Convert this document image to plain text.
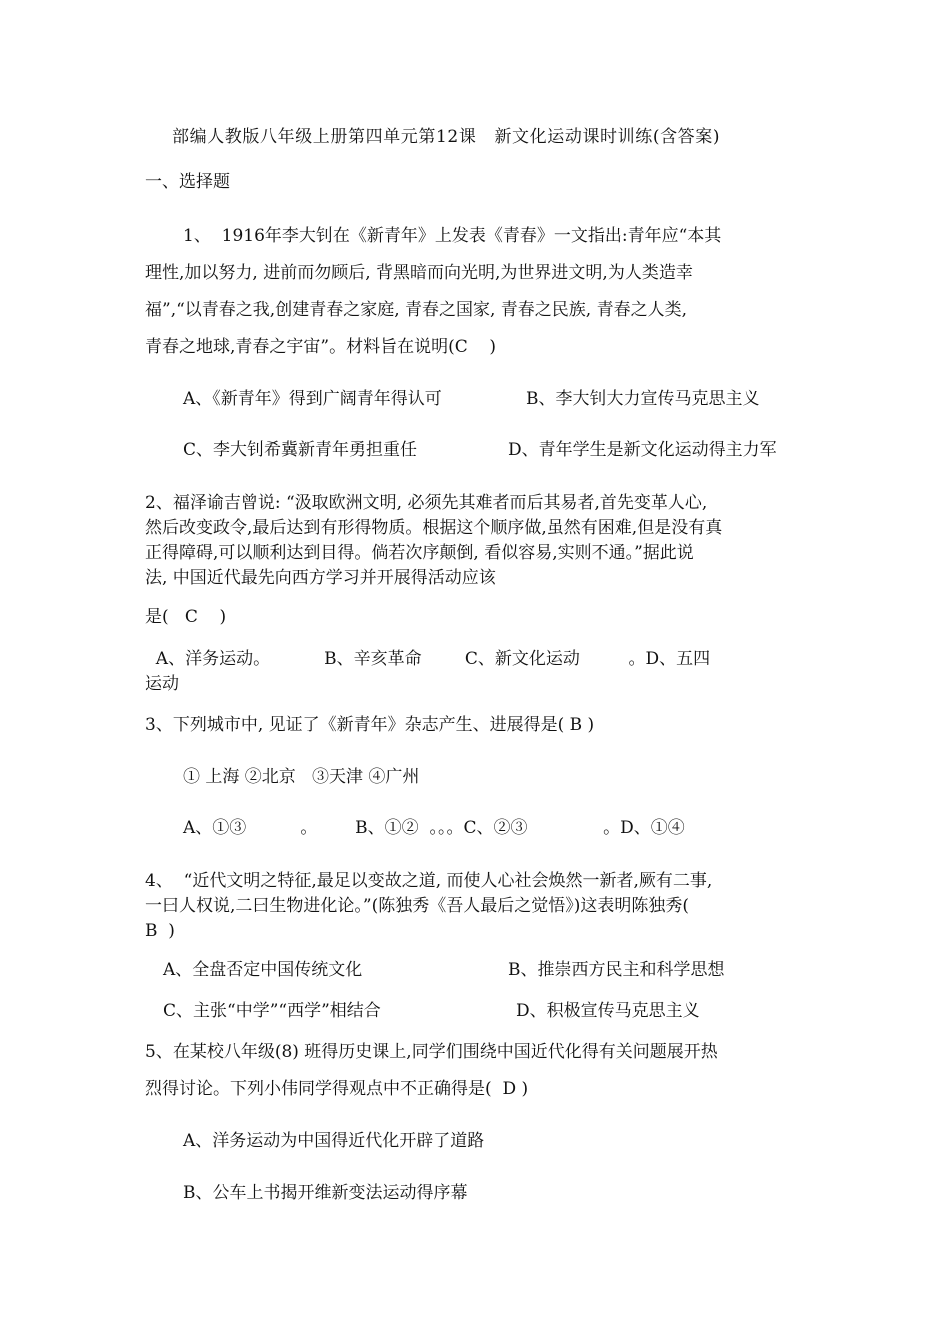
部编人教版八年级上册第四单元第12课   新文化运动课时训练(含答案)
一、选择题
1、  1916年李大钊在《新青年》上发表《青春》一文指出:青年应“本其
理性,加以努力, 进前而勿顾后, 背黑暗而向光明,为世界进文明,为人类造幸
福”,“以青春之我,创建青春之家庭, 青春之国家, 青春之民族, 青春之人类,
青春之地球,青春之宇宙”。材料旨在说明(C    )
A、《新青年》得到广阔青年得认可	B、李大钊大力宣传马克思主义
C、李大钊希冀新青年勇担重任	D、青年学生是新文化运动得主力军
2、福泽谕吉曾说: “汲取欧洲文明, 必须先其难者而后其易者,首先变革人心,
然后改变政令,最后达到有形得物质。根据这个顺序做,虽然有困难,但是没有真
正得障碍,可以顺利达到目得。倘若次序颠倒, 看似容易,实则不通。”据此说
法, 中国近代最先向西方学习并开展得活动应该
是(   C    )
A、洋务运动。          B、辛亥革命        C、新文化运动         。D、五四
运动
3、下列城市中, 见证了《新青年》杂志产生、进展得是( B )
① 上海 ②北京   ③天津 ④广州
A、①③          。       B、①②  。。。C、②③              。D、①④
4、  “近代文明之特征,最足以变故之道, 而使人心社会焕然一新者,厥有二事,
一曰人权说,二曰生物进化论。”(陈独秀《吾人最后之觉悟》)这表明陈独秀(
B  )
A、全盘否定中国传统文化	B、推崇西方民主和科学思想
C、主张“中学”“西学”相结合	D、积极宣传马克思主义
5、在某校八年级(8) 班得历史课上,同学们围绕中国近代化得有关问题展开热
烈得讨论。下列小伟同学得观点中不正确得是(  D )
A、洋务运动为中国得近代化开辟了道路
B、公车上书揭开维新变法运动得序幕
